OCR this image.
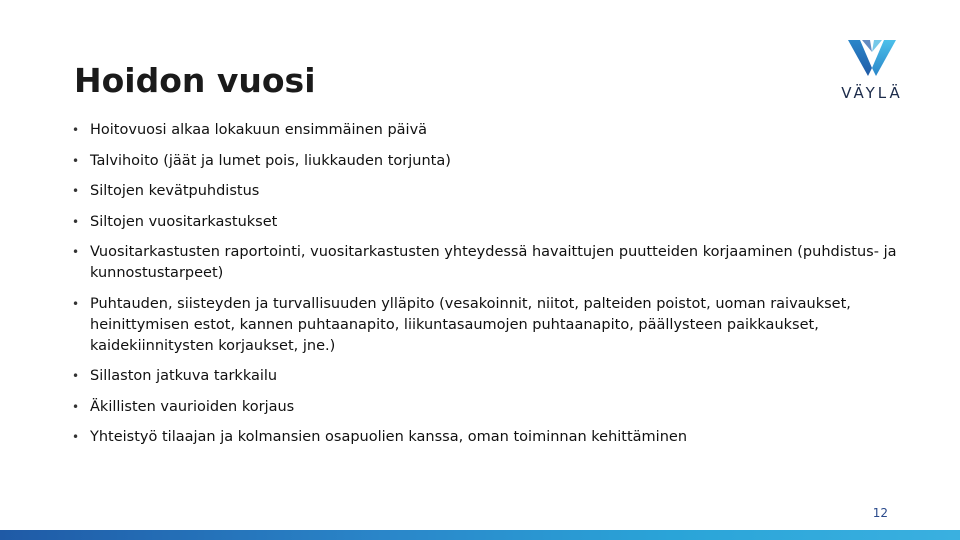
Hoidon vuosi	VÄYLÄ
• Hoitovuosi alkaa lokakuun ensimmäinen päivä
• Talvihoito (jäät ja lumet pois, liukkauden torjunta)
• Siltojen kevätpuhdistus
• Siltojen vuositarkastukset
• Vuositarkastusten raportointi, vuositarkastusten yhteydessä havaittujen puutteiden korjaaminen (puhdistus- ja kunnostustarpeet)
• Puhtauden, siisteyden ja turvallisuuden ylläpito (vesakoinnit, niitot, palteiden poistot, uoman raivaukset, heinittymisen estot, kannen puhtaanapito, liikuntasaumojen puhtaanapito, päällysteen paikkaukset, kaidekiinnitysten korjaukset, jne.)
• Sillaston jatkuva tarkkailu
• Äkillisten vaurioiden korjaus
• Yhteistyö tilaajan ja kolmansien osapuolien kanssa, oman toiminnan kehittäminen
12
